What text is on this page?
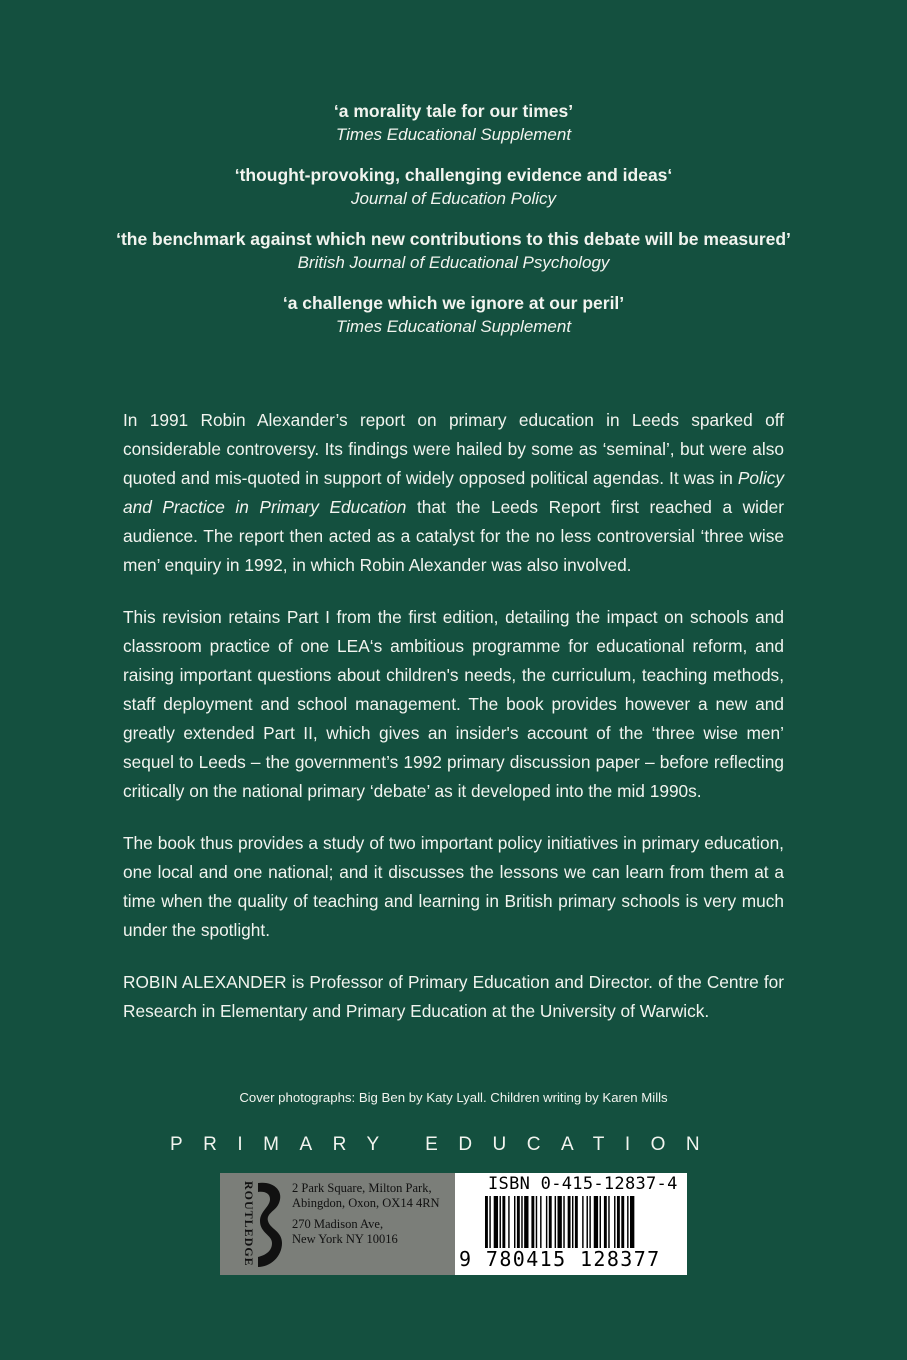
‘a morality tale for our times’
Times Educational Supplement
‘thought-provoking, challenging evidence and ideas‘
Journal of Education Policy
‘the benchmark against which new contributions to this debate will be measured’
British Journal of Educational Psychology
‘a challenge which we ignore at our peril’
Times Educational Supplement

In 1991 Robin Alexander’s report on primary education in Leeds sparked off considerable controversy. Its findings were hailed by some as ‘seminal’, but were also quoted and mis-quoted in support of widely opposed political agendas. It was in Policy and Practice in Primary Education that the Leeds Report first reached a wider audience. The report then acted as a catalyst for the no less controversial ‘three wise men’ enquiry in 1992, in which Robin Alexander was also involved.

This revision retains Part I from the first edition, detailing the impact on schools and classroom practice of one LEA‘s ambitious programme for educational reform, and raising important questions about children's needs, the curriculum, teaching methods, staff deployment and school management. The book provides however a new and greatly extended Part II, which gives an insider's account of the ‘three wise men’ sequel to Leeds – the government’s 1992 primary discussion paper – before reflecting critically on the national primary ‘debate’ as it developed into the mid 1990s.

The book thus provides a study of two important policy initiatives in primary education, one local and one national; and it discusses the lessons we can learn from them at a time when the quality of teaching and learning in British primary schools is very much under the spotlight.

ROBIN ALEXANDER is Professor of Primary Education and Director. of the Centre for Research in Elementary and Primary Education at the University of Warwick.

Cover photographs: Big Ben by Katy Lyall. Children writing by Karen Mills
PRIMARY EDUCATION
ROUTLEDGE	2 Park Square, Milton Park,
Abingdon, Oxon, OX14 4RN
270 Madison Ave,
New York NY 10016
ISBN 0-415-12837-4
9 780415 128377
